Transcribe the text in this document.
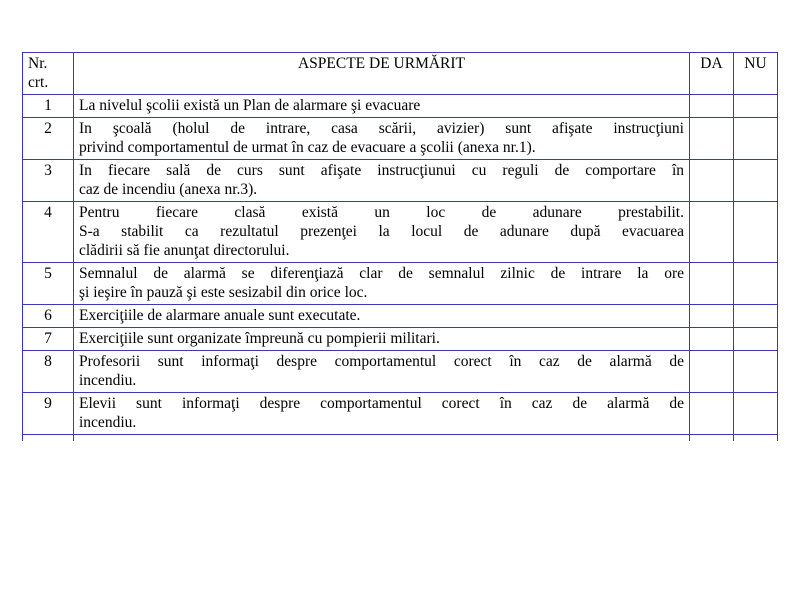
Nr.
crt.	ASPECTE DE URMĂRIT	DA	NU
1	La nivelul şcolii există un Plan de alarmare şi evacuare		

2	In şcoală (holul de intrare, casa scării, avizier) sunt afişate instrucţiuni
privind comportamentul de urmat în caz de evacuare a şcolii (anexa nr.1).		

3	In fiecare sală de curs sunt afişate instrucţiunui cu reguli de comportare în
caz de incendiu (anexa nr.3).		

4	Pentru fiecare clasă există un loc de adunare prestabilit.
S-a stabilit ca rezultatul prezenţei la locul de adunare după evacuarea
clădirii să fie anunţat directorului.		

5	Semnalul de alarmă se diferenţiază clar de semnalul zilnic de intrare la ore
şi ieşire în pauză şi este sesizabil din orice loc.		

6	Exerciţiile de alarmare anuale sunt executate.		

7	Exerciţiile sunt organizate împreună cu pompierii militari.		

8	Profesorii sunt informaţi despre comportamentul corect în caz de alarmă de
incendiu.		

9	Elevii sunt informaţi despre comportamentul corect în caz de alarmă de
incendiu.		
